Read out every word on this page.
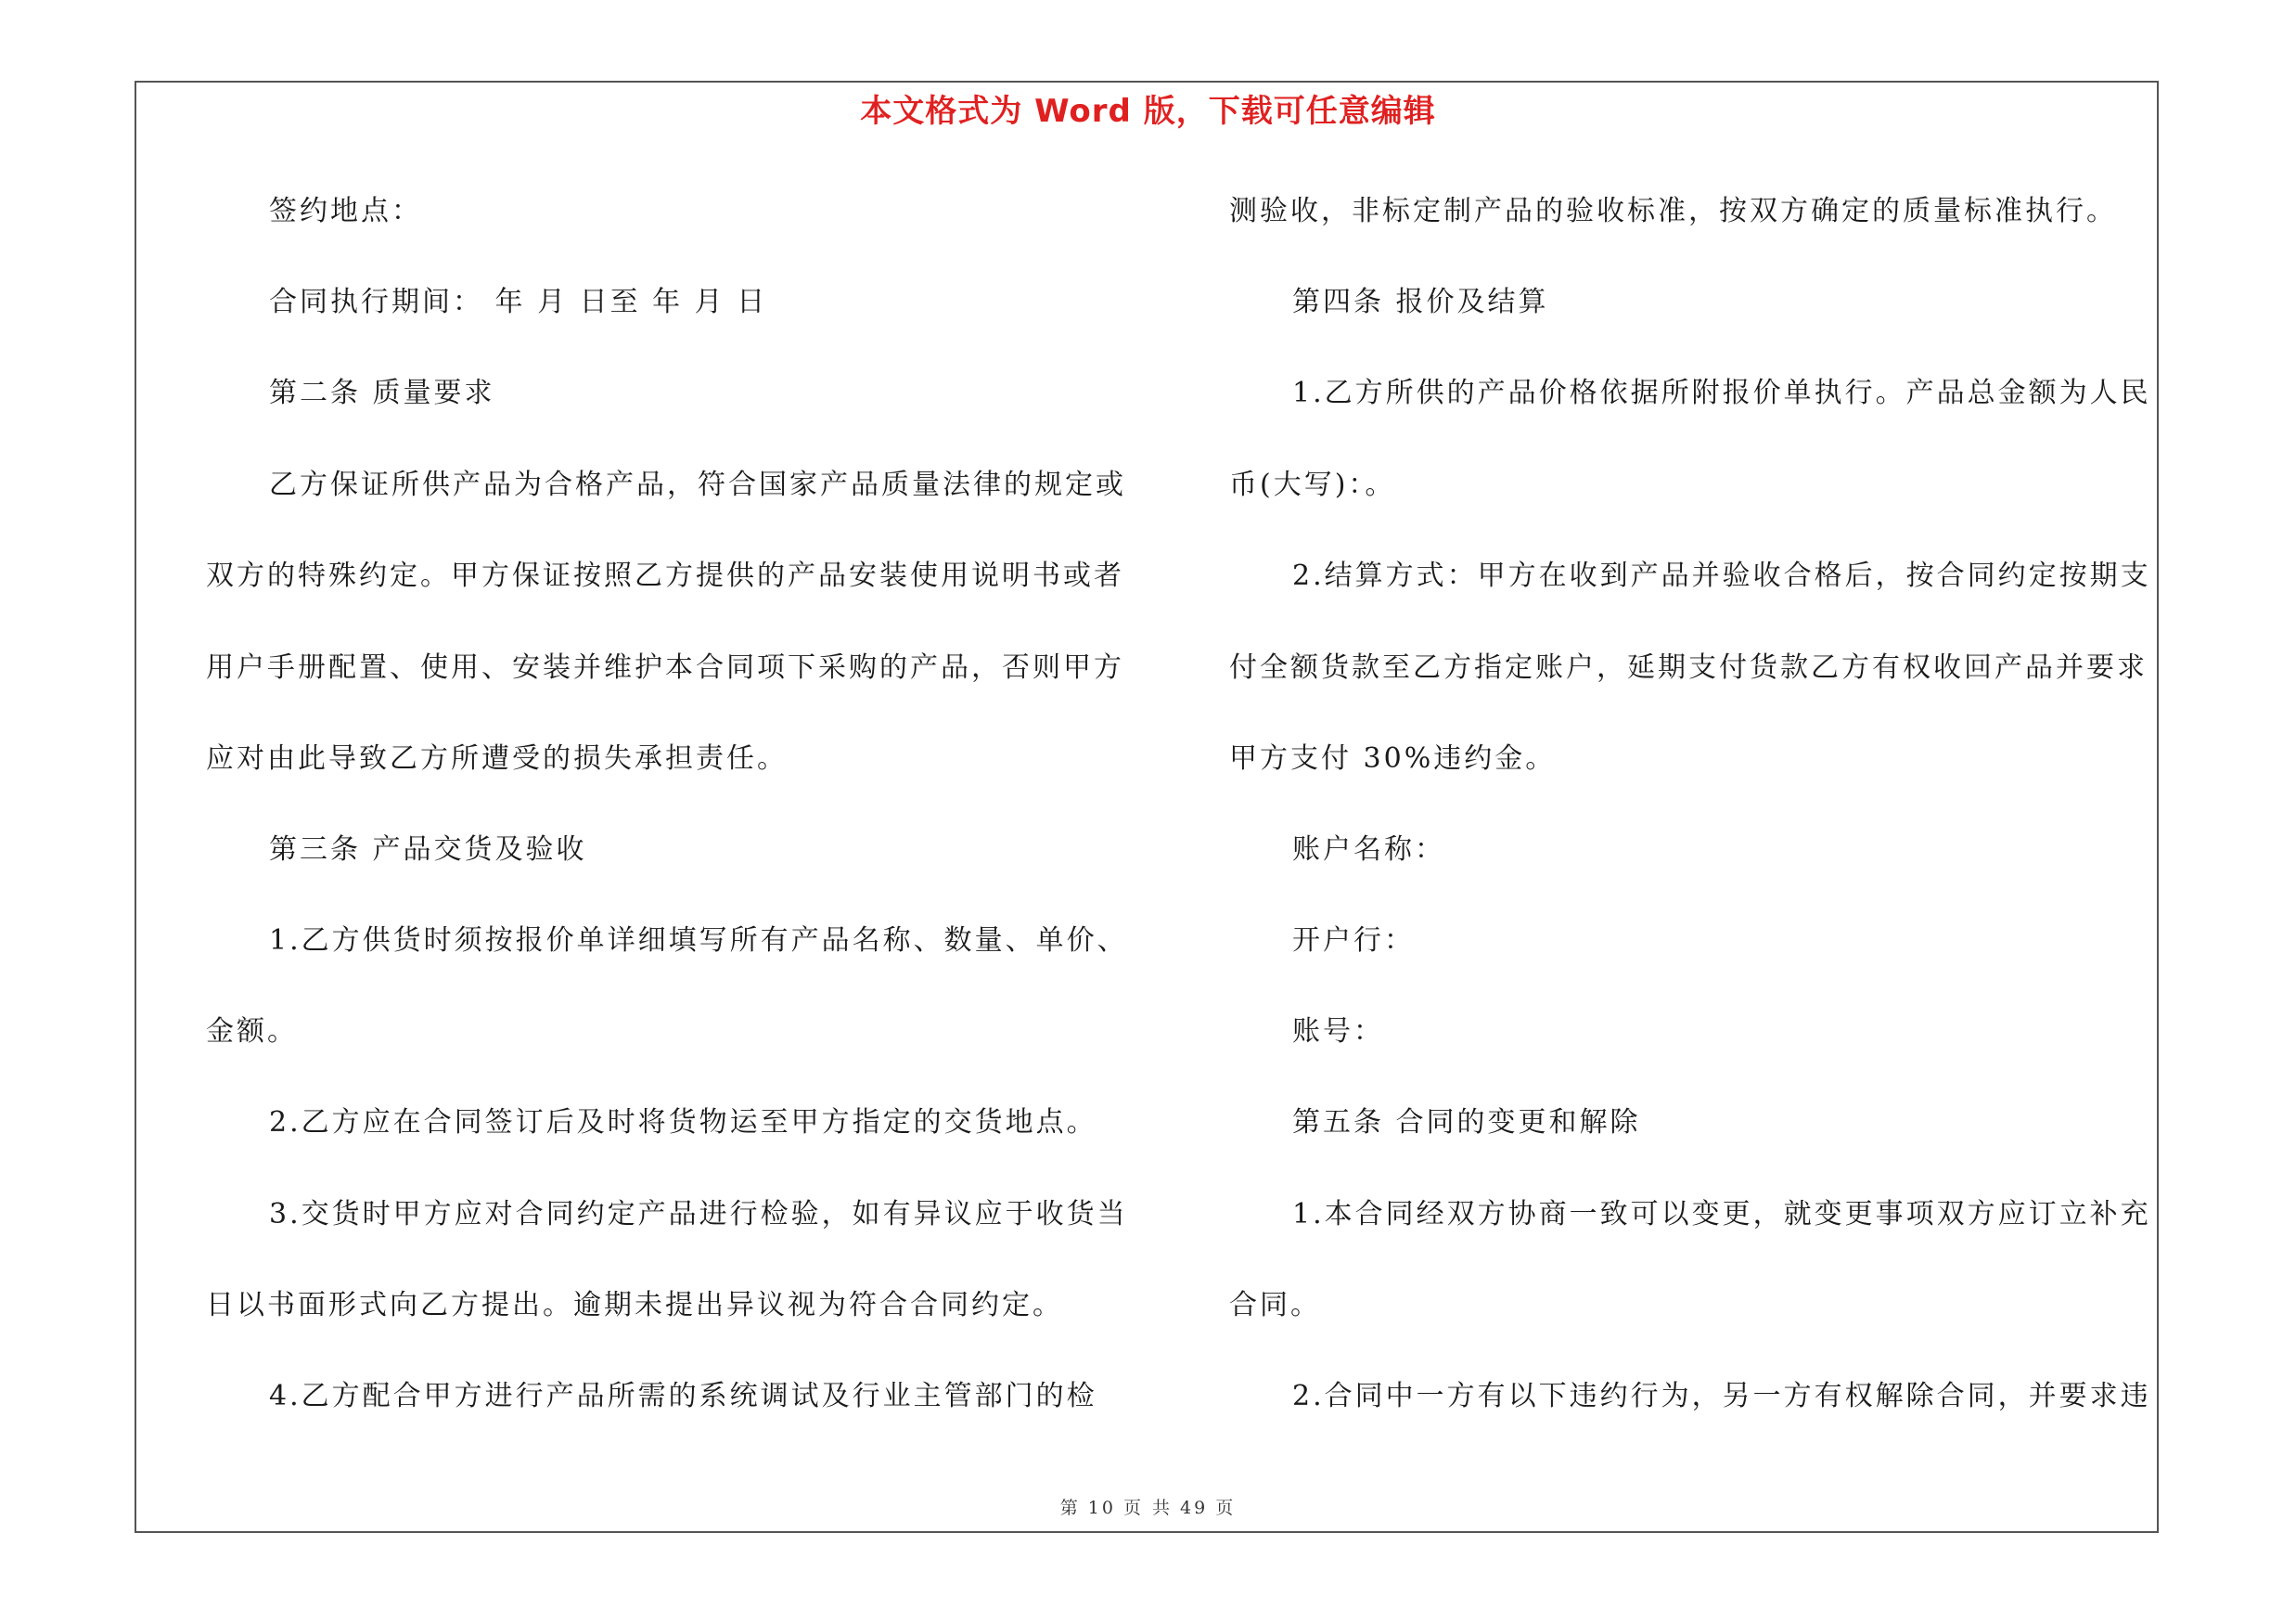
本文格式为 Word 版，下载可任意编辑
签约地点：
合同执行期间： 年 月 日至 年 月 日
第二条 质量要求
乙方保证所供产品为合格产品，符合国家产品质量法律的规定或
双方的特殊约定。甲方保证按照乙方提供的产品安装使用说明书或者
用户手册配置、使用、安装并维护本合同项下采购的产品，否则甲方
应对由此导致乙方所遭受的损失承担责任。
第三条 产品交货及验收
1.乙方供货时须按报价单详细填写所有产品名称、数量、单价、
金额。
2.乙方应在合同签订后及时将货物运至甲方指定的交货地点。
3.交货时甲方应对合同约定产品进行检验，如有异议应于收货当
日以书面形式向乙方提出。逾期未提出异议视为符合合同约定。
4.乙方配合甲方进行产品所需的系统调试及行业主管部门的检
测验收，非标定制产品的验收标准，按双方确定的质量标准执行。
第四条 报价及结算
1.乙方所供的产品价格依据所附报价单执行。产品总金额为人民
币(大写)：。
2.结算方式：甲方在收到产品并验收合格后，按合同约定按期支
付全额货款至乙方指定账户，延期支付货款乙方有权收回产品并要求
甲方支付 30%违约金。
账户名称：
开户行：
账号：
第五条 合同的变更和解除
1.本合同经双方协商一致可以变更，就变更事项双方应订立补充
合同。
2.合同中一方有以下违约行为，另一方有权解除合同，并要求违
第 10 页 共 49 页
